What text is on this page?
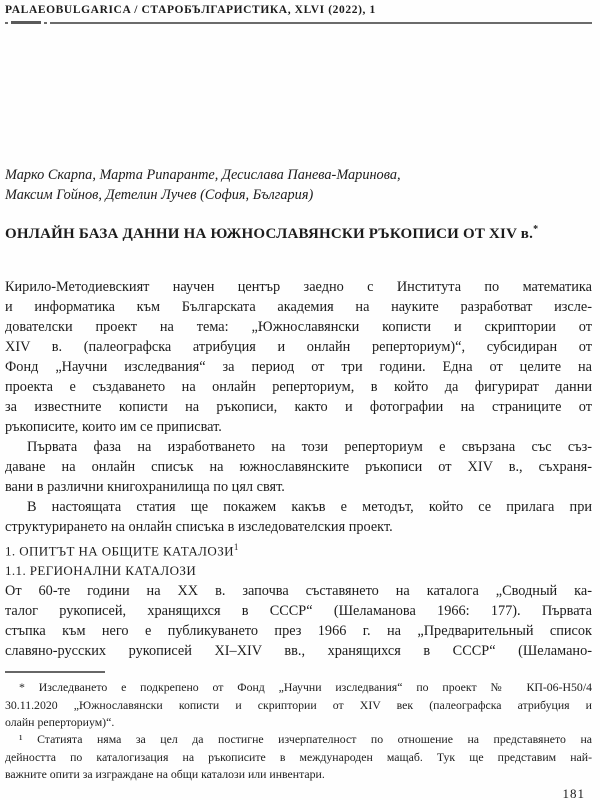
PALAEOBULGARICA / СТАРОБЪЛГАРИСТИКА, XLVI (2022), 1
Марко Скарпа, Марта Рипаранте, Десислава Панева-Маринова,
Максим Гойнов, Детелин Лучев (София, България)
ОНЛАЙН БАЗА ДАННИ НА ЮЖНОСЛАВЯНСКИ РЪКОПИСИ ОТ XIV в.*
Кирило-Методиевският научен център заедно с Института по математика
и информатика към Българската академия на науките разработват изсле-
дователски проект на тема: „Южнославянски кописти и скриптории от
XIV в. (палеографска атрибуция и онлайн реперториум)“, субсидиран от
Фонд „Научни изследвания“ за период от три години. Една от целите на
проекта е създаването на онлайн реперториум, в който да фигурират данни
за известните кописти на ръкописи, както и фотографии на страниците от
ръкописите, които им се приписват.
Първата фаза на изработването на този реперториум е свързана със съз-
даване на онлайн списък на южнославянските ръкописи от XIV в., съхраня-
вани в различни книгохранилища по цял свят.
В настоящата статия ще покажем какъв е методът, който се прилага при
структурирането на онлайн списъка в изследователския проект.
1. ОПИТЪТ НА ОБЩИТЕ КАТАЛОЗИ$^1$
1.1. РЕГИОНАЛНИ КАТАЛОЗИ
От 60-те години на XX в. започва съставянето на каталога „Сводный ка-
талог рукописей, хранящихся в СССР“ (Шеламанова 1966: 177). Първата
стъпка към него е публикуването през 1966 г. на „Предварительный список
славяно-русских рукописей XI–XIV вв., хранящихся в СССР“ (Шеламано-
* Изследването е подкрепено от Фонд „Научни изследвания“ по проект № КП-06-Н50/4
30.11.2020 „Южнославянски кописти и скриптории от XIV век (палеографска атрибуция и
олайн реперториум)“.
¹ Статията няма за цел да постигне изчерпателност по отношение на представянето на
дейността по каталогизация на ръкописите в международен мащаб. Тук ще представим най-
важните опити за изграждане на общи каталози или инвентари.
181
